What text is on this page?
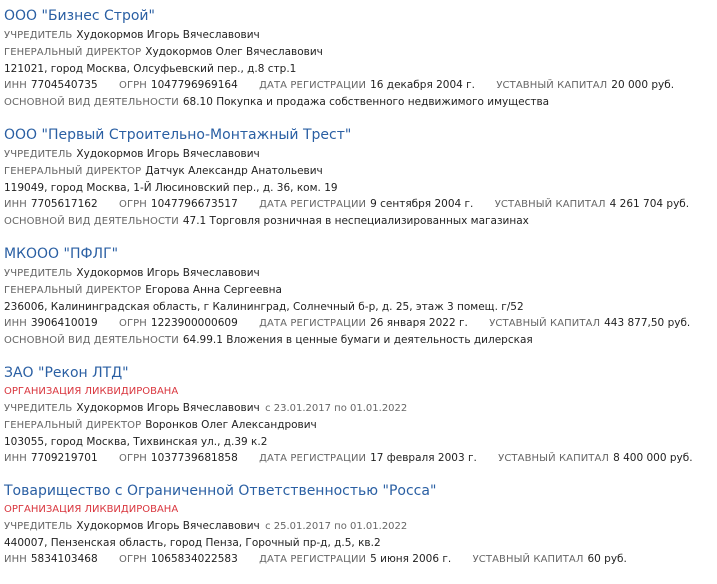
ООО "Бизнес Строй"
УЧРЕДИТЕЛЬ Худокормов Игорь Вячеславович
ГЕНЕРАЛЬНЫЙ ДИРЕКТОР Худокормов Олег Вячеславович
121021, город Москва, Олсуфьевский пер., д.8 стр.1
ИНН 7704540735 ОГРН 1047796969164 ДАТА РЕГИСТРАЦИИ 16 декабря 2004 г. УСТАВНЫЙ КАПИТАЛ 20 000 руб.
ОСНОВНОЙ ВИД ДЕЯТЕЛЬНОСТИ 68.10 Покупка и продажа собственного недвижимого имущества
ООО "Первый Строительно-Монтажный Трест"
УЧРЕДИТЕЛЬ Худокормов Игорь Вячеславович
ГЕНЕРАЛЬНЫЙ ДИРЕКТОР Датчук Александр Анатольевич
119049, город Москва, 1-Й Люсиновский пер., д. 36, ком. 19
ИНН 7705617162 ОГРН 1047796673517 ДАТА РЕГИСТРАЦИИ 9 сентября 2004 г. УСТАВНЫЙ КАПИТАЛ 4 261 704 руб.
ОСНОВНОЙ ВИД ДЕЯТЕЛЬНОСТИ 47.1 Торговля розничная в неспециализированных магазинах
МКООО "ПФЛГ"
УЧРЕДИТЕЛЬ Худокормов Игорь Вячеславович
ГЕНЕРАЛЬНЫЙ ДИРЕКТОР Егорова Анна Сергеевна
236006, Калининградская область, г Калининград, Солнечный б-р, д. 25, этаж 3 помещ. г/52
ИНН 3906410019 ОГРН 1223900000609 ДАТА РЕГИСТРАЦИИ 26 января 2022 г. УСТАВНЫЙ КАПИТАЛ 443 877,50 руб.
ОСНОВНОЙ ВИД ДЕЯТЕЛЬНОСТИ 64.99.1 Вложения в ценные бумаги и деятельность дилерская
ЗАО "Рекон ЛТД"
ОРГАНИЗАЦИЯ ЛИКВИДИРОВАНА
УЧРЕДИТЕЛЬ Худокормов Игорь Вячеславович с 23.01.2017 по 01.01.2022
ГЕНЕРАЛЬНЫЙ ДИРЕКТОР Воронков Олег Александрович
103055, город Москва, Тихвинская ул., д.39 к.2
ИНН 7709219701 ОГРН 1037739681858 ДАТА РЕГИСТРАЦИИ 17 февраля 2003 г. УСТАВНЫЙ КАПИТАЛ 8 400 000 руб.
Товарищество с Ограниченной Ответственностью "Росса"
ОРГАНИЗАЦИЯ ЛИКВИДИРОВАНА
УЧРЕДИТЕЛЬ Худокормов Игорь Вячеславович с 25.01.2017 по 01.01.2022
440007, Пензенская область, город Пенза, Горочный пр-д, д.5, кв.2
ИНН 5834103468 ОГРН 1065834022583 ДАТА РЕГИСТРАЦИИ 5 июня 2006 г. УСТАВНЫЙ КАПИТАЛ 60 руб.
